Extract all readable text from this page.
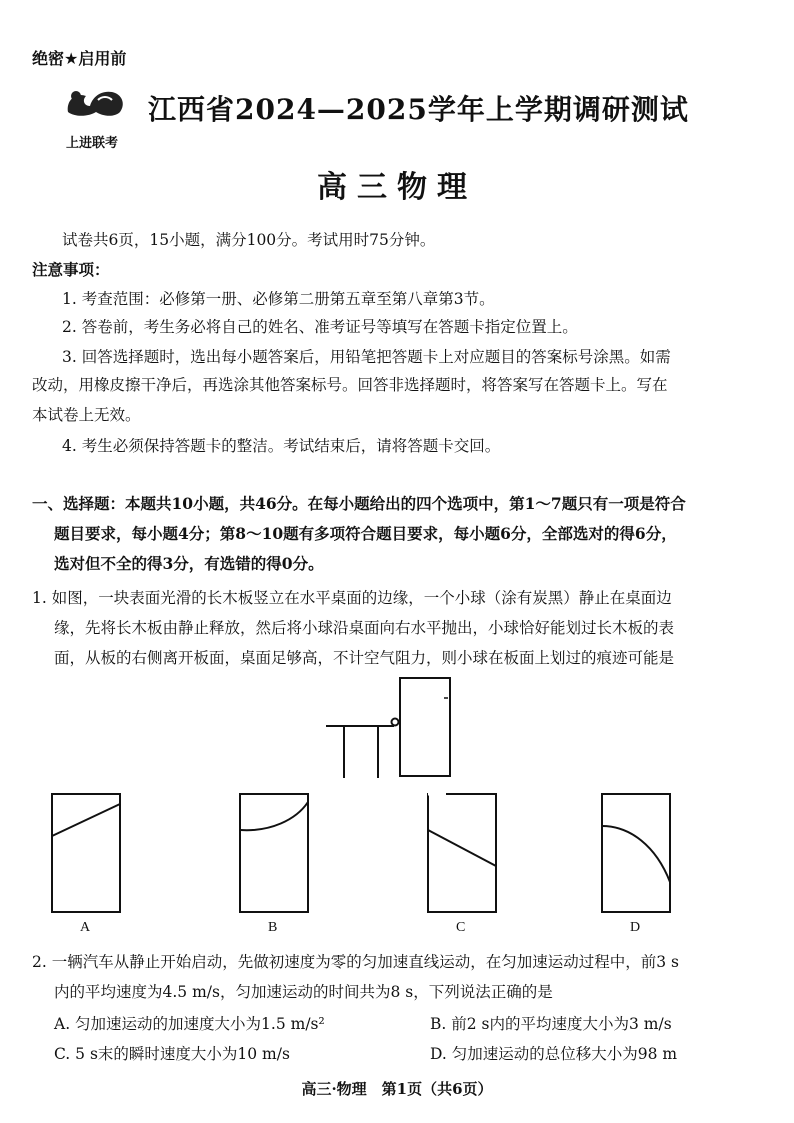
绝密★启用前
上进联考
江西省2024—2025学年上学期调研测试
高三物理
试卷共6页，15小题，满分100分。考试用时75分钟。
注意事项：
1. 考查范围：必修第一册、必修第二册第五章至第八章第3节。
2. 答卷前，考生务必将自己的姓名、准考证号等填写在答题卡指定位置上。
3. 回答选择题时，选出每小题答案后，用铅笔把答题卡上对应题目的答案标号涂黑。如需
改动，用橡皮擦干净后，再选涂其他答案标号。回答非选择题时，将答案写在答题卡上。写在
本试卷上无效。
4. 考生必须保持答题卡的整洁。考试结束后，请将答题卡交回。
一、选择题：本题共10小题，共46分。在每小题给出的四个选项中，第1～7题只有一项是符合
题目要求，每小题4分；第8～10题有多项符合题目要求，每小题6分，全部选对的得6分，
选对但不全的得3分，有选错的得0分。
1. 如图，一块表面光滑的长木板竖立在水平桌面的边缘，一个小球（涂有炭黑）静止在桌面边
缘，先将长木板由静止释放，然后将小球沿桌面向右水平抛出，小球恰好能划过长木板的表
面，从板的右侧离开板面，桌面足够高，不计空气阻力，则小球在板面上划过的痕迹可能是
A	B	C	D
2. 一辆汽车从静止开始启动，先做初速度为零的匀加速直线运动，在匀加速运动过程中，前3 s
内的平均速度为4.5 m/s，匀加速运动的时间共为8 s，下列说法正确的是
A. 匀加速运动的加速度大小为1.5 m/s²	B. 前2 s内的平均速度大小为3 m/s
C. 5 s末的瞬时速度大小为10 m/s	D. 匀加速运动的总位移大小为98 m
高三·物理　第1页（共6页）
